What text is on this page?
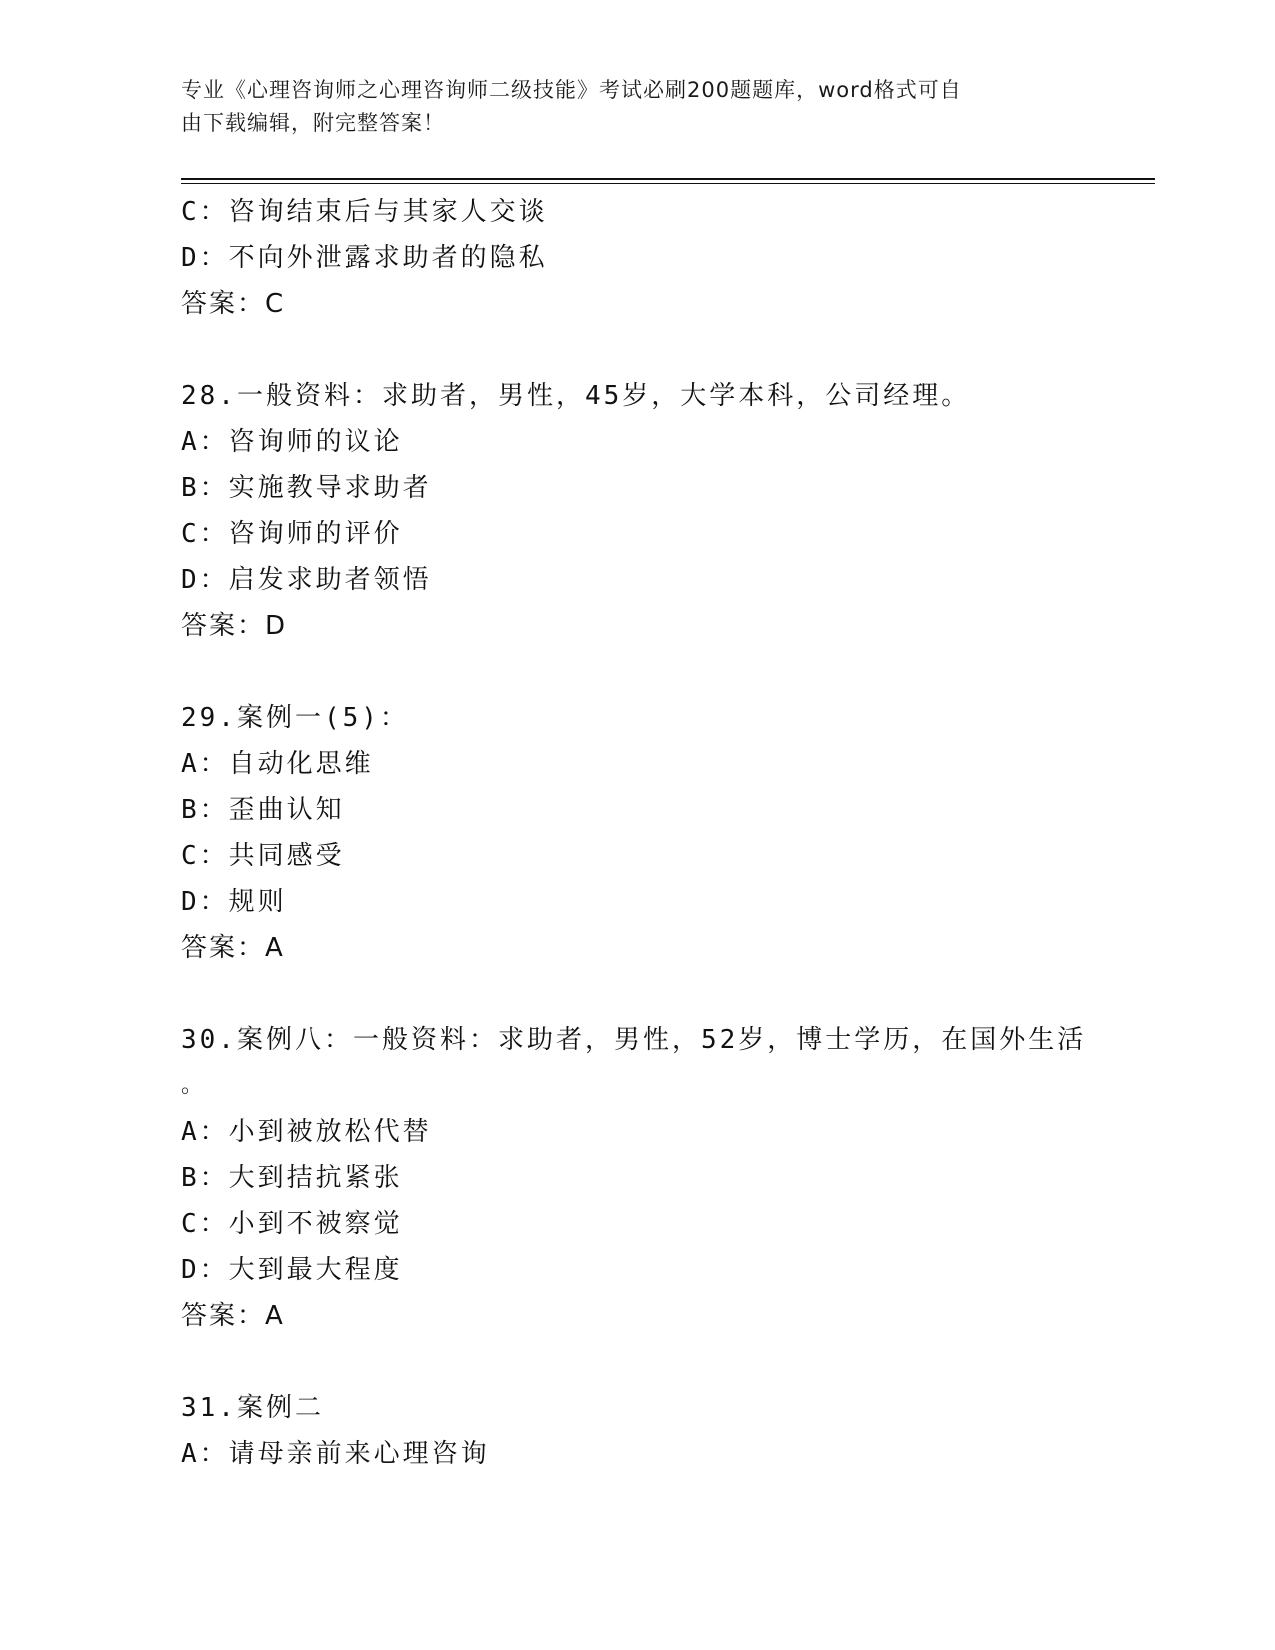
专业《心理咨询师之心理咨询师二级技能》考试必刷200题题库，word格式可自
由下载编辑，附完整答案！
C：咨询结束后与其家人交谈
D：不向外泄露求助者的隐私
答案：C
28.一般资料：求助者，男性，45岁，大学本科，公司经理。
A：咨询师的议论
B：实施教导求助者
C：咨询师的评价
D：启发求助者领悟
答案：D
29.案例一(5)：
A：自动化思维
B：歪曲认知
C：共同感受
D：规则
答案：A
30.案例八：一般资料：求助者，男性，52岁，博士学历，在国外生活
。
A：小到被放松代替
B：大到拮抗紧张
C：小到不被察觉
D：大到最大程度
答案：A
31.案例二
A：请母亲前来心理咨询
